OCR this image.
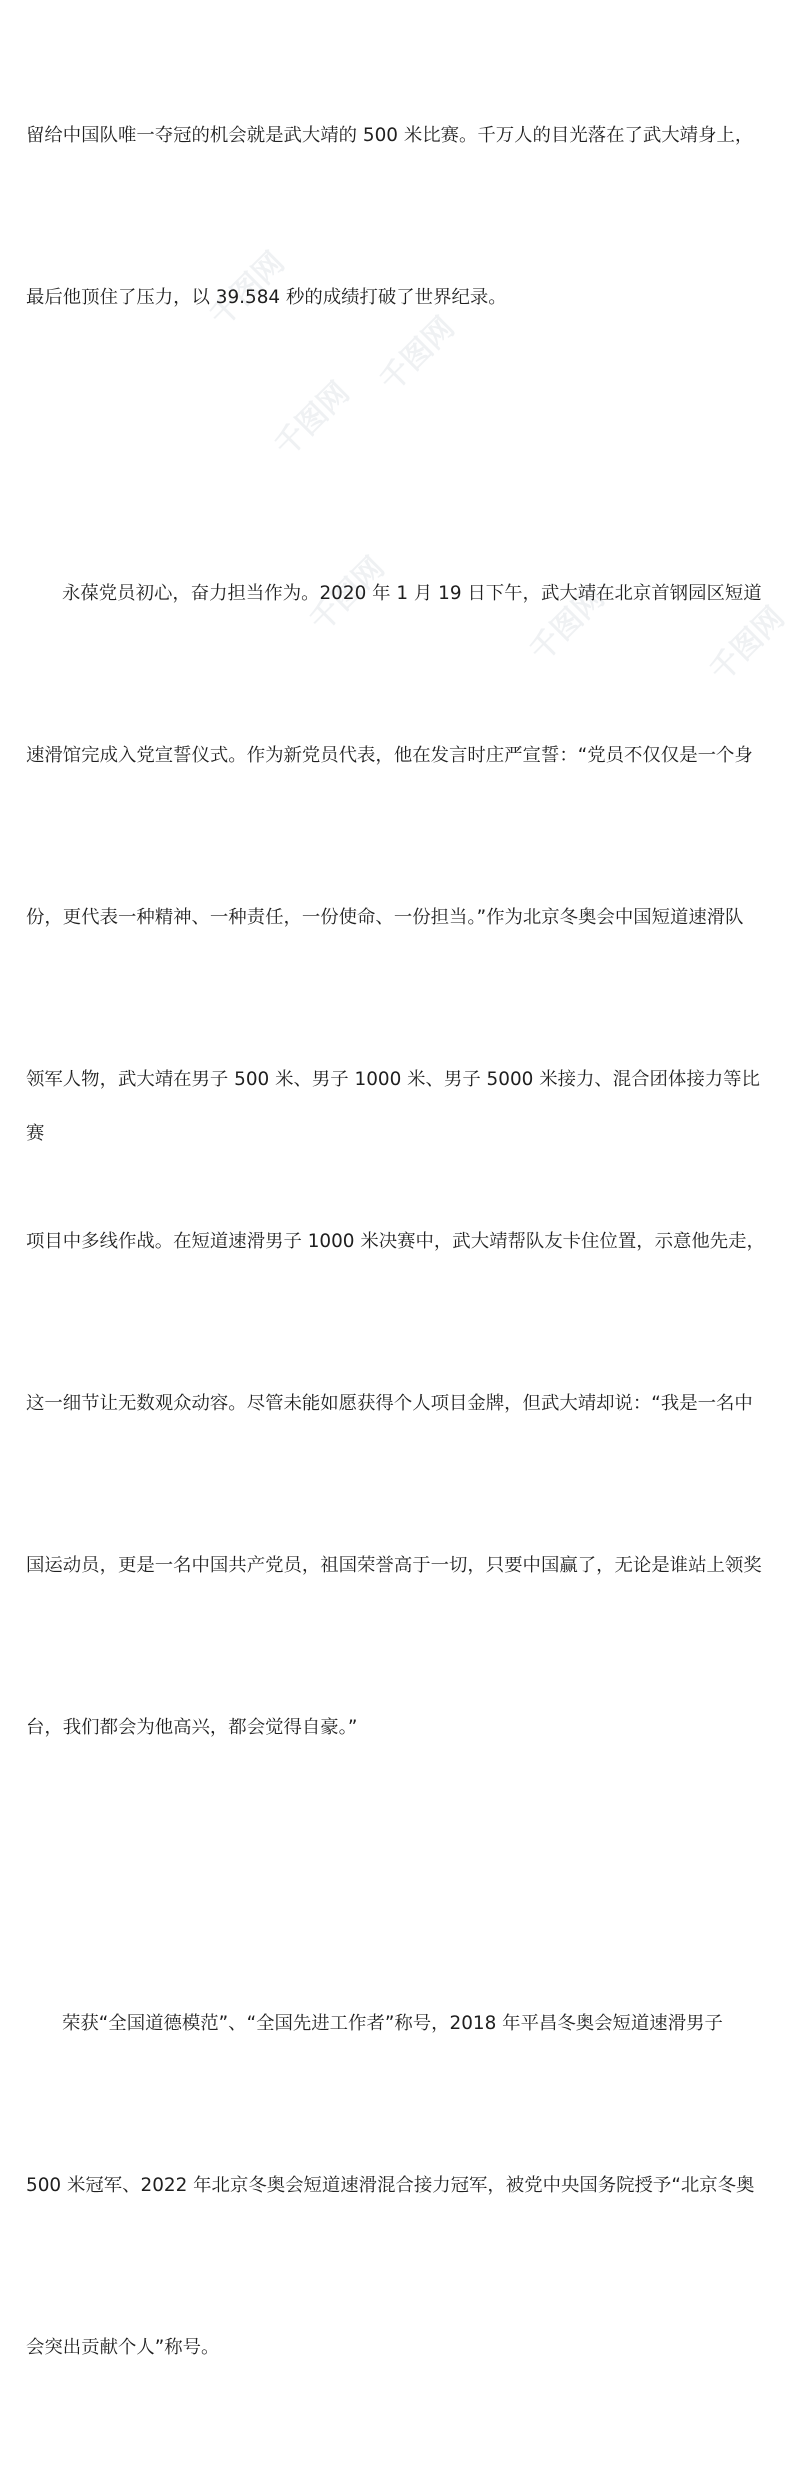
千图网
千图网
千图网
千图网
千图网
千图网

留给中国队唯一夺冠的机会就是武大靖的 500 米比赛。千万人的目光落在了武大靖身上，

最后他顶住了压力，以 39.584 秒的成绩打破了世界纪录。

永葆党员初心，奋力担当作为。2020 年 1 月 19 日下午，武大靖在北京首钢园区短道

速滑馆完成入党宣誓仪式。作为新党员代表，他在发言时庄严宣誓：“党员不仅仅是一个身

份，更代表一种精神、一种责任，一份使命、一份担当。”作为北京冬奥会中国短道速滑队

领军人物，武大靖在男子 500 米、男子 1000 米、男子 5000 米接力、混合团体接力等比赛

项目中多线作战。在短道速滑男子 1000 米决赛中，武大靖帮队友卡住位置，示意他先走，

这一细节让无数观众动容。尽管未能如愿获得个人项目金牌，但武大靖却说：“我是一名中

国运动员，更是一名中国共产党员，祖国荣誉高于一切，只要中国赢了，无论是谁站上领奖

台，我们都会为他高兴，都会觉得自豪。”

荣获“全国道德模范”、“全国先进工作者”称号，2018 年平昌冬奥会短道速滑男子

500 米冠军、2022 年北京冬奥会短道速滑混合接力冠军，被党中央国务院授予“北京冬奥

会突出贡献个人”称号。
